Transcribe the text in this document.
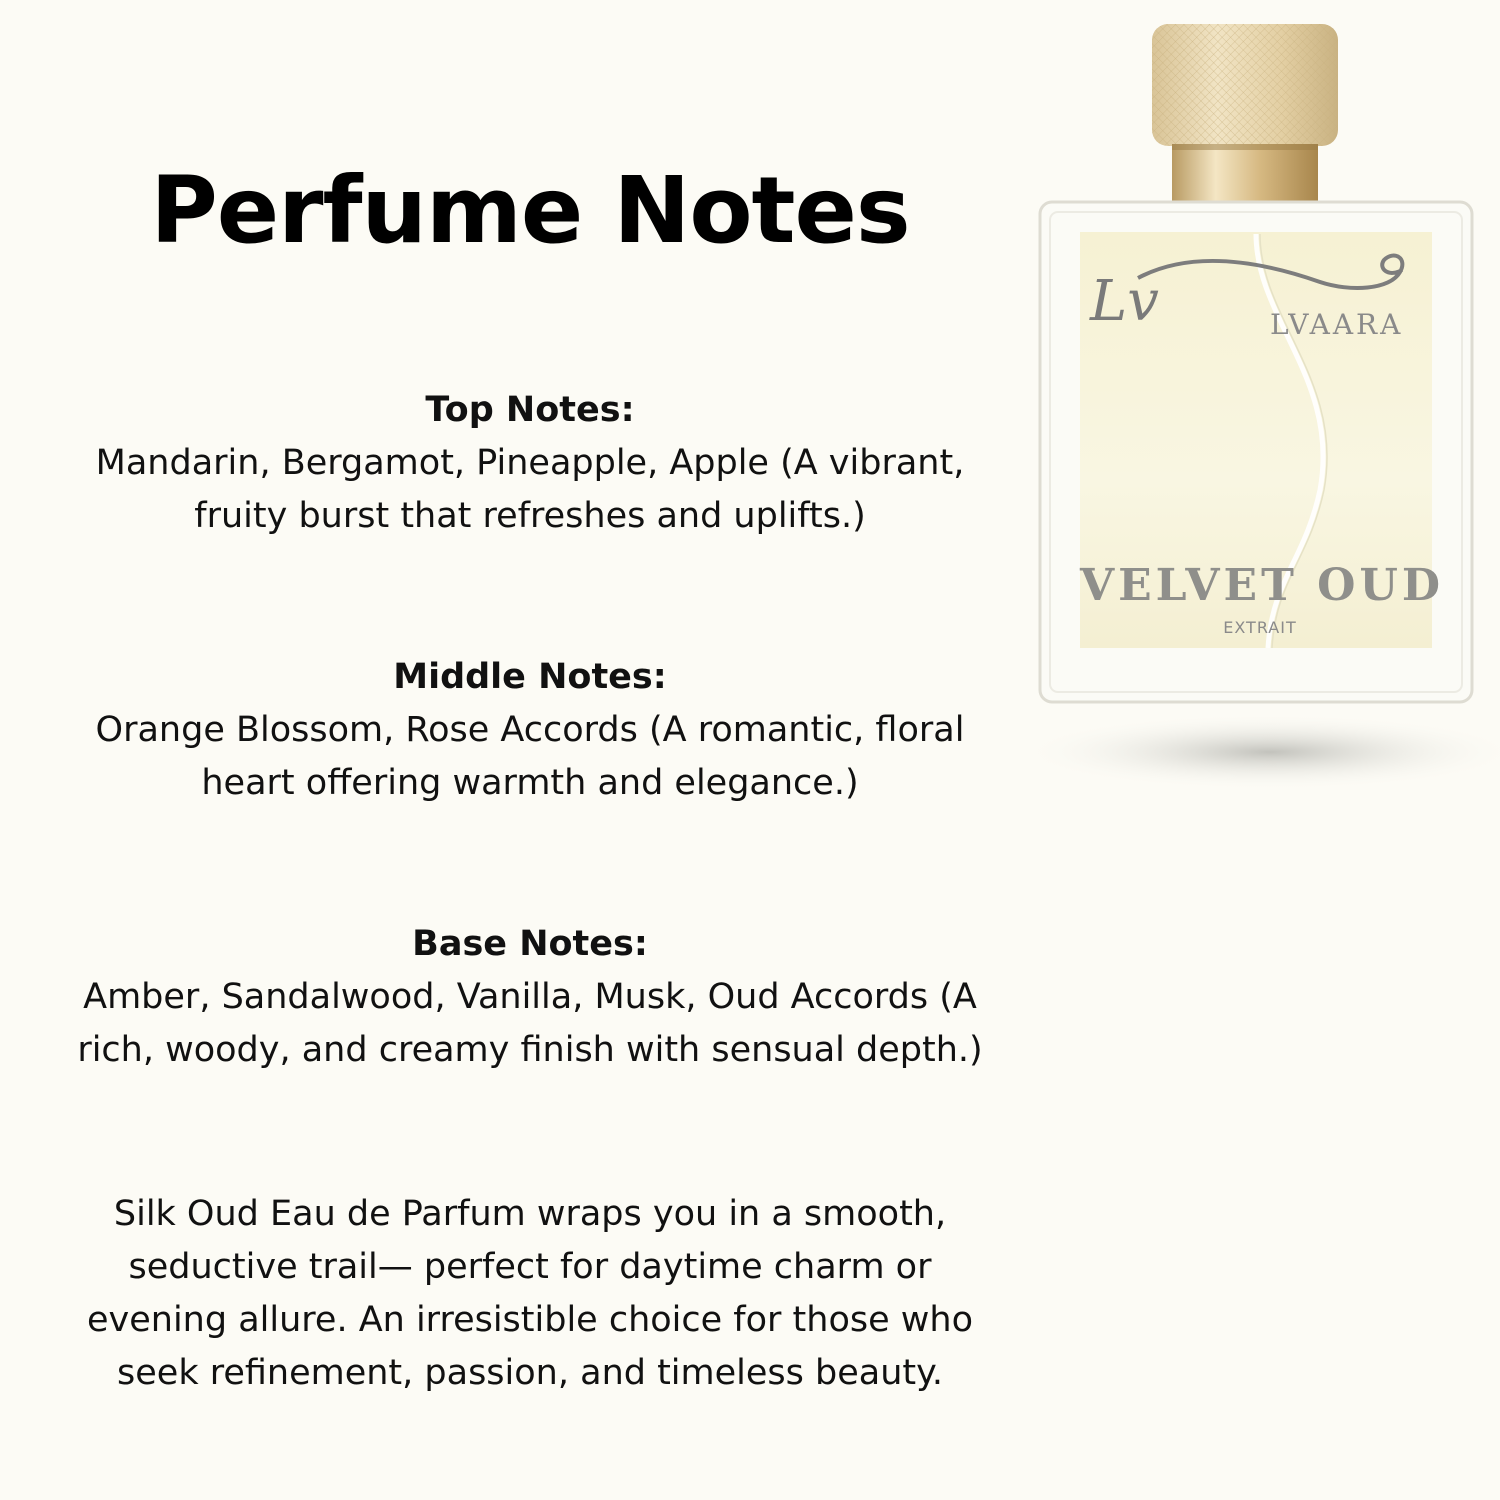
Perfume Notes
Top Notes:
Mandarin, Bergamot, Pineapple, Apple (A vibrant,
fruity burst that refreshes and uplifts.)
Middle Notes:
Orange Blossom, Rose Accords (A romantic, floral
heart offering warmth and elegance.)
Base Notes:
Amber, Sandalwood, Vanilla, Musk, Oud Accords (A
rich, woody, and creamy finish with sensual depth.)
Silk Oud Eau de Parfum wraps you in a smooth,
seductive trail— perfect for daytime charm or
evening allure. An irresistible choice for those who
seek refinement, passion, and timeless beauty.
Lv	LVAARA
VELVET OUD
EXTRAIT
